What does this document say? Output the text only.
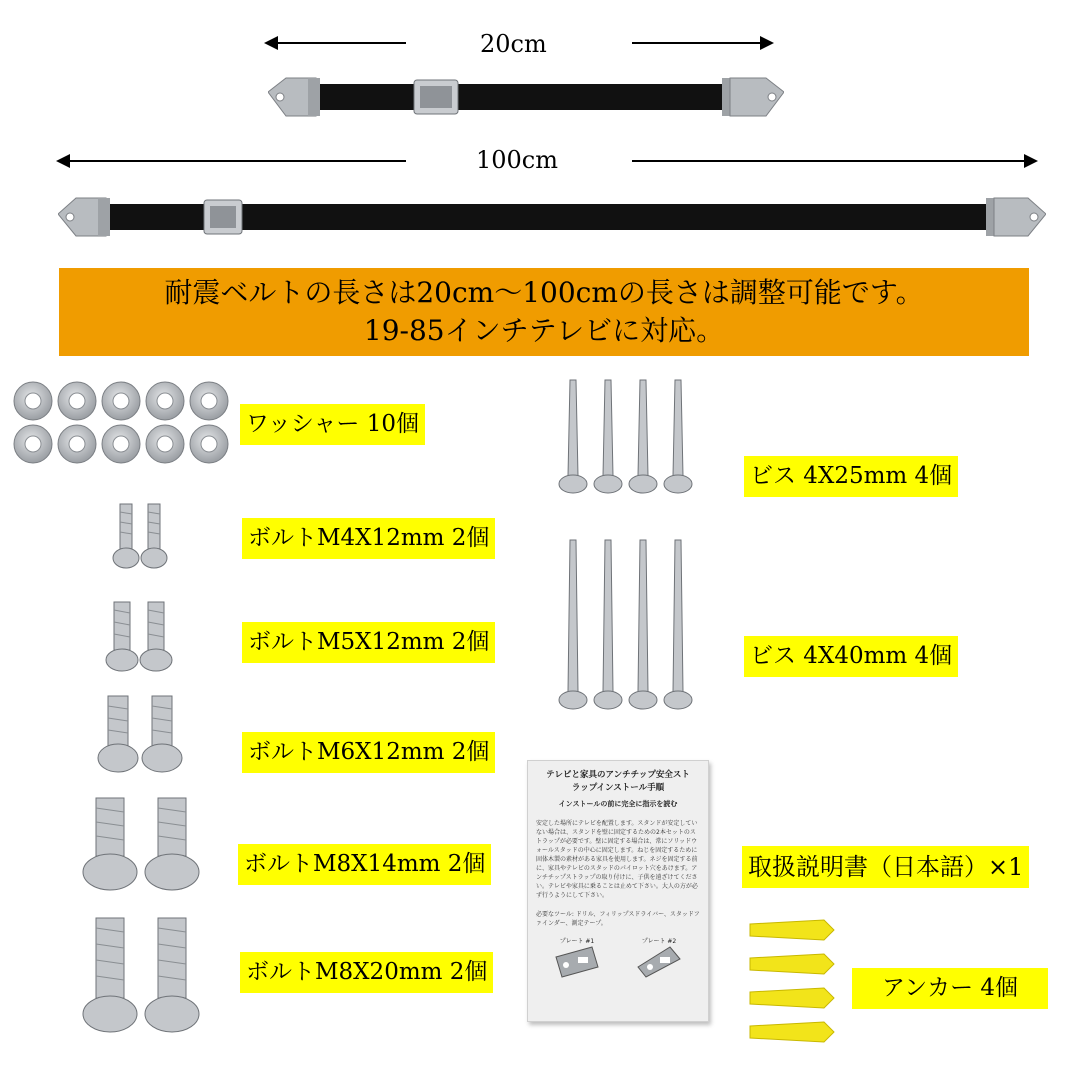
20cm
100cm
耐震ベルトの長さは20cm～100cmの長さは調整可能です。
19-85インチテレビに対応。
ワッシャー 10個
ボルトM4X12mm 2個
ボルトM5X12mm 2個
ボルトM6X12mm 2個
ボルトM8X14mm 2個
ボルトM8X20mm 2個
ビス 4X25mm 4個
ビス 4X40mm 4個
テレビと家具のアンチチップ安全スト
ラップインストール手順
インストールの前に完全に指示を読む
安定した場所にテレビを配置します。スタンドが安定していない場合は、スタンドを壁に固定するための2本セットのストラップが必要です。壁に固定する場合は、常にソリッドウォールスタッドの中心に固定します。ねじを固定するために固体木製の素材がある家具を使用します。ネジを固定する前に、家具やテレビのスタッドのパイロット穴をあけます。アンチチップストラップの取り付けに、子供を遠ざけてください。テレビや家具に乗ることは止めて下さい。大人の方が必ず行うようにして下さい。
必要なツール: ドリル、フィリップスドライバー、スタッドファインダー、測定テープ。
プレート #1	プレート #2
取扱説明書（日本語）×1
アンカー 4個
